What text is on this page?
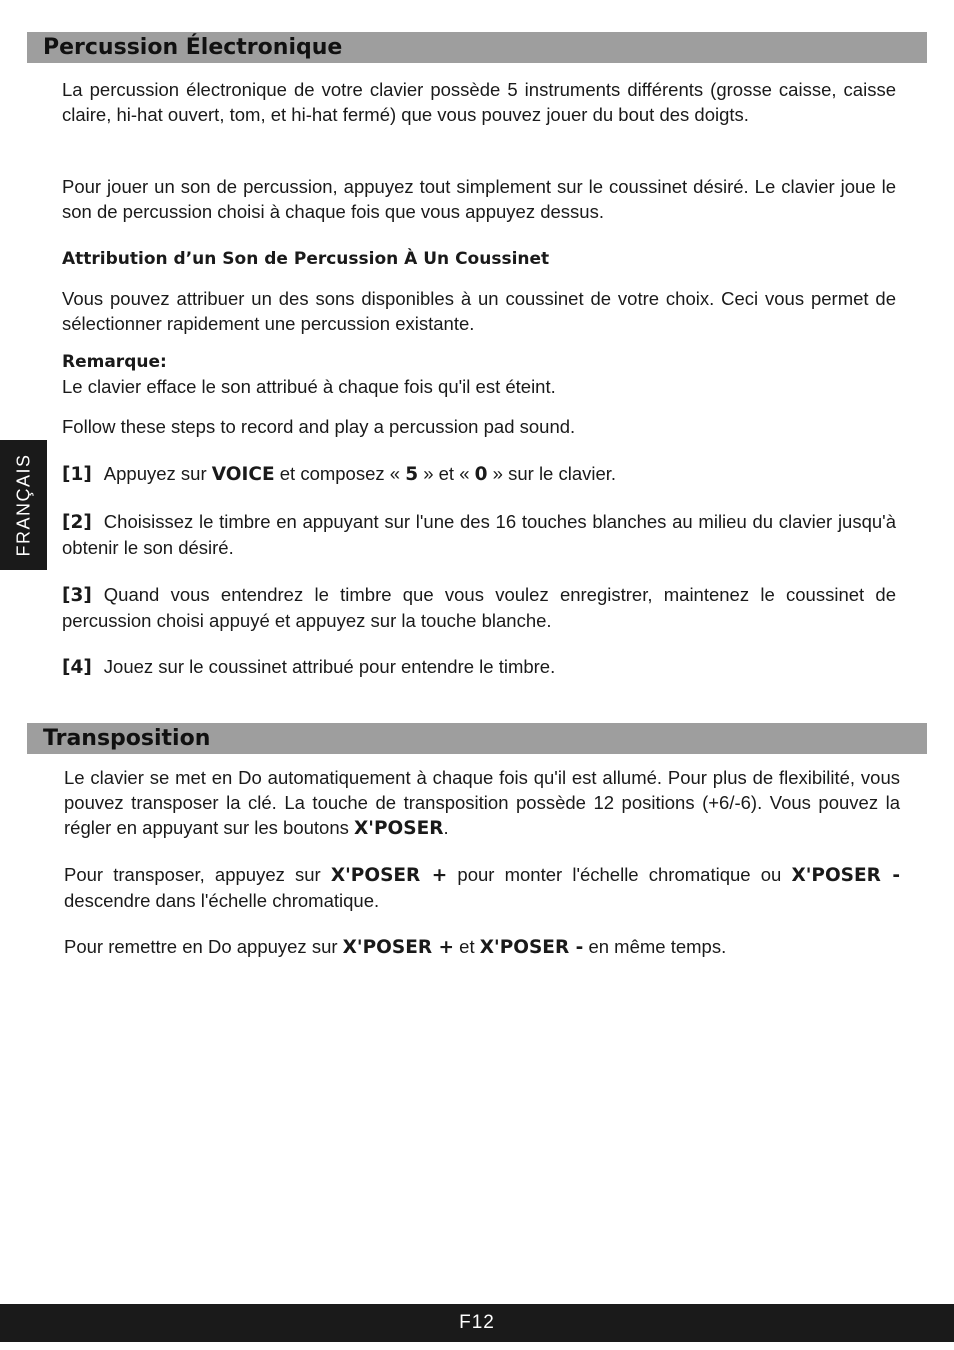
Percussion Électronique

La percussion électronique de votre clavier possède 5 instruments différents (grosse caisse, caisse claire, hi-hat ouvert, tom, et hi-hat fermé) que vous pouvez jouer du bout des doigts.

Pour jouer un son de percussion, appuyez tout simplement sur le coussinet désiré. Le clavier joue le son de percussion choisi à chaque fois que vous appuyez dessus.

Attribution d’un Son de Percussion À Un Coussinet

Vous pouvez attribuer un des sons disponibles à un coussinet de votre choix. Ceci vous permet de sélectionner rapidement une percussion existante.

Remarque:
Le clavier efface le son attribué à chaque fois qu'il est éteint.

Follow these steps to record and play a percussion pad sound.

[1] Appuyez sur VOICE et composez « 5 » et « 0 » sur le clavier.

[2] Choisissez le timbre en appuyant sur l'une des 16 touches blanches au milieu du clavier jusqu'à obtenir le son désiré.

[3] Quand vous entendrez le timbre que vous voulez enregistrer, maintenez le coussinet de percussion choisi appuyé et appuyez sur la touche blanche.

[4] Jouez sur le coussinet attribué pour entendre le timbre.

Transposition

Le clavier se met en Do automatiquement à chaque fois qu'il est allumé. Pour plus de flexibilité, vous pouvez transposer la clé. La touche de transposition possède 12 positions (+6/-6). Vous pouvez la régler en appuyant sur les boutons X'POSER.

Pour transposer, appuyez sur X'POSER + pour monter l'échelle chromatique ou X'POSER - descendre dans l'échelle chromatique.

Pour remettre en Do appuyez sur X'POSER + et X'POSER - en même temps.

FRANÇAIS
F12
